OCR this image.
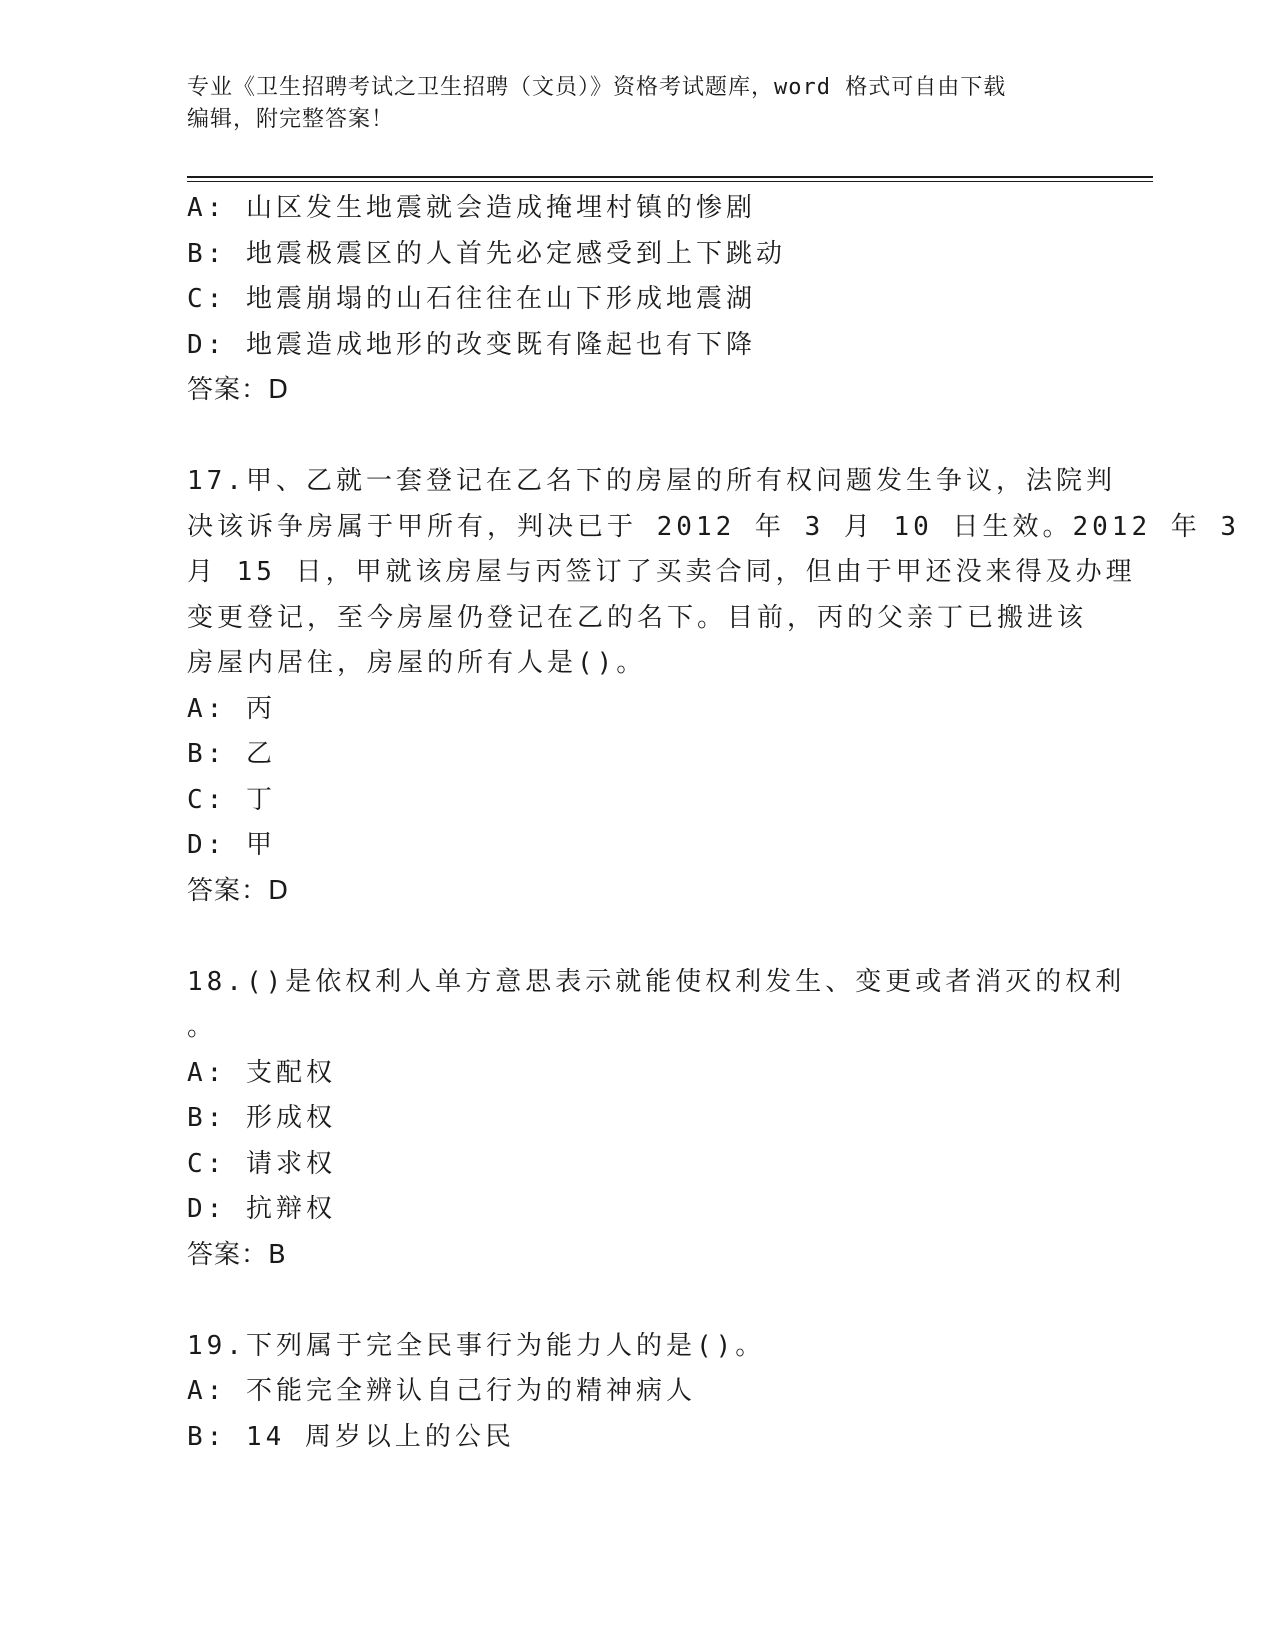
专业《卫生招聘考试之卫生招聘（文员）》资格考试题库，word 格式可自由下载
编辑，附完整答案！
A: 山区发生地震就会造成掩埋村镇的惨剧
B: 地震极震区的人首先必定感受到上下跳动
C: 地震崩塌的山石往往在山下形成地震湖
D: 地震造成地形的改变既有隆起也有下降
答案：D
17.甲、乙就一套登记在乙名下的房屋的所有权问题发生争议，法院判
决该诉争房属于甲所有，判决已于 2012 年 3 月 10 日生效。2012 年 3
月 15 日，甲就该房屋与丙签订了买卖合同，但由于甲还没来得及办理
变更登记，至今房屋仍登记在乙的名下。目前，丙的父亲丁已搬进该
房屋内居住，房屋的所有人是()。
A: 丙
B: 乙
C: 丁
D: 甲
答案：D
18.()是依权利人单方意思表示就能使权利发生、变更或者消灭的权利
。
A: 支配权
B: 形成权
C: 请求权
D: 抗辩权
答案：B
19.下列属于完全民事行为能力人的是()。
A: 不能完全辨认自己行为的精神病人
B: 14 周岁以上的公民
